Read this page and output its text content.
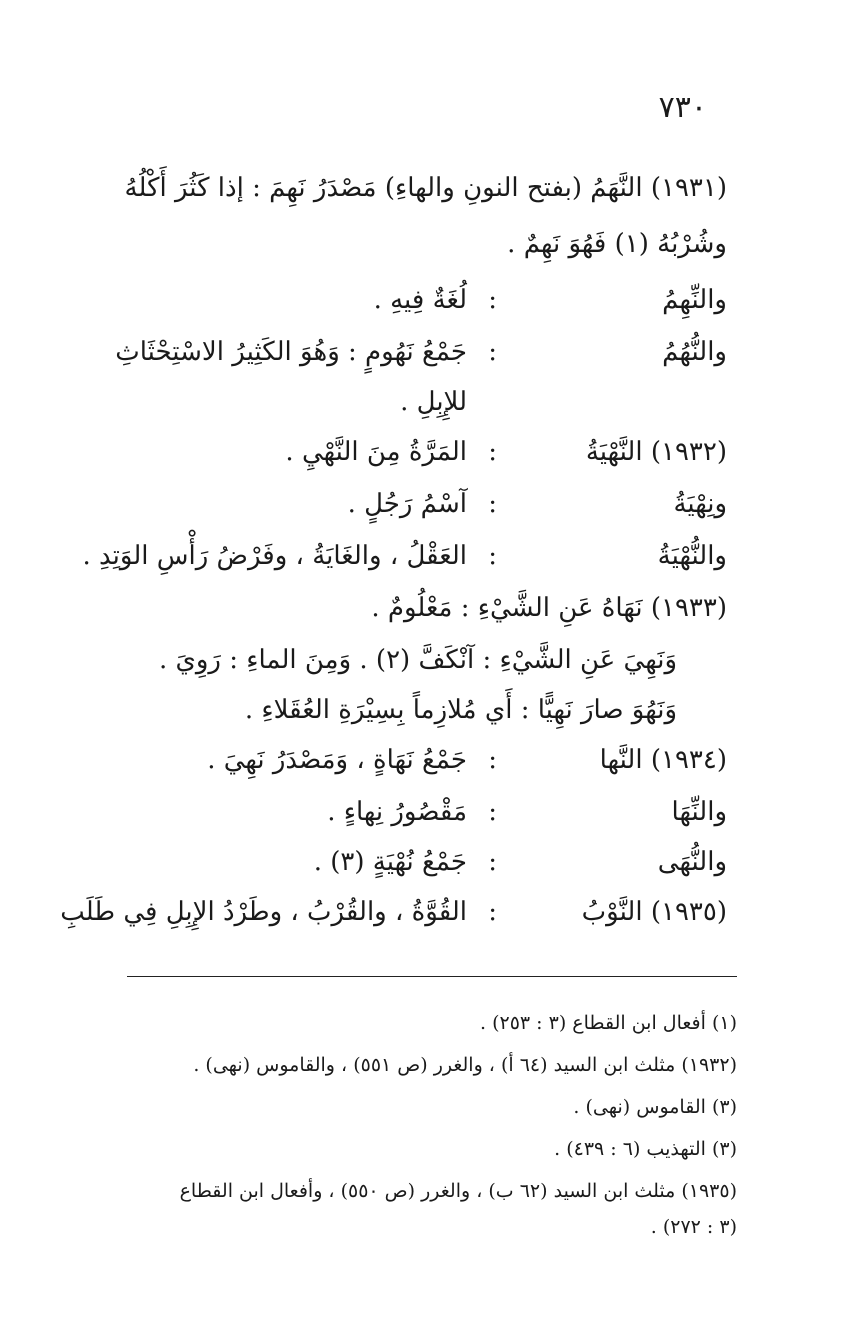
٧٣٠
(١٩٣١) النَّهَمُ (بفتح النونِ والهاءِ) مَصْدَرُ نَهِمَ : إذا كَثُرَ أَكْلُهُ
وشُرْبُهُ (١) فَهُوَ نَهِمٌ .
والنِّهِمُ
:
لُغَةٌ فِيهِ .
والنُّهُمُ
:
جَمْعُ نَهُومٍ : وَهُوَ الكَثِيرُ الاسْتِحْثَاثِ
للإِبِلِ .
(١٩٣٢) النَّهْيَةُ
:
المَرَّةُ مِنَ النَّهْيِ .
ونِهْيَةُ
:
آسْمُ رَجُلٍ .
والنُّهْيَةُ
:
العَقْلُ ، والغَايَةُ ، وفَرْضُ رَأْسِ الوَتِدِ .
(١٩٣٣) نَهَاهُ عَنِ الشَّيْءِ : مَعْلُومٌ .
وَنَهِيَ عَنِ الشَّيْءِ : آنْكَفَّ (٢) . وَمِنَ الماءِ : رَوِيَ .
وَنَهُوَ صارَ نَهِيًّا : أَي مُلازِماً بِسِيْرَةِ العُقَلاءِ .
(١٩٣٤) النَّها
:
جَمْعُ نَهَاةٍ ، وَمَصْدَرُ نَهِيَ .
والنِّهَا
:
مَقْصُورُ نِهاءٍ .
والنُّهَى
:
جَمْعُ نُهْيَةٍ (٣) .
(١٩٣٥) النَّوْبُ
:
القُوَّةُ ، والقُرْبُ ، وطَرْدُ الإِبِلِ فِي طَلَبِ
(١) أفعال ابن القطاع (٣ : ٢٥٣) .
(١٩٣٢) مثلث ابن السيد (٦٤ أ) ، والغرر (ص ٥٥١) ، والقاموس (نهى) .
(٣) القاموس (نهى) .
(٣) التهذيب (٦ : ٤٣٩) .
(١٩٣٥) مثلث ابن السيد (٦٢ ب) ، والغرر (ص ٥٥٠) ، وأفعال ابن القطاع
(٣ : ٢٧٢) .
